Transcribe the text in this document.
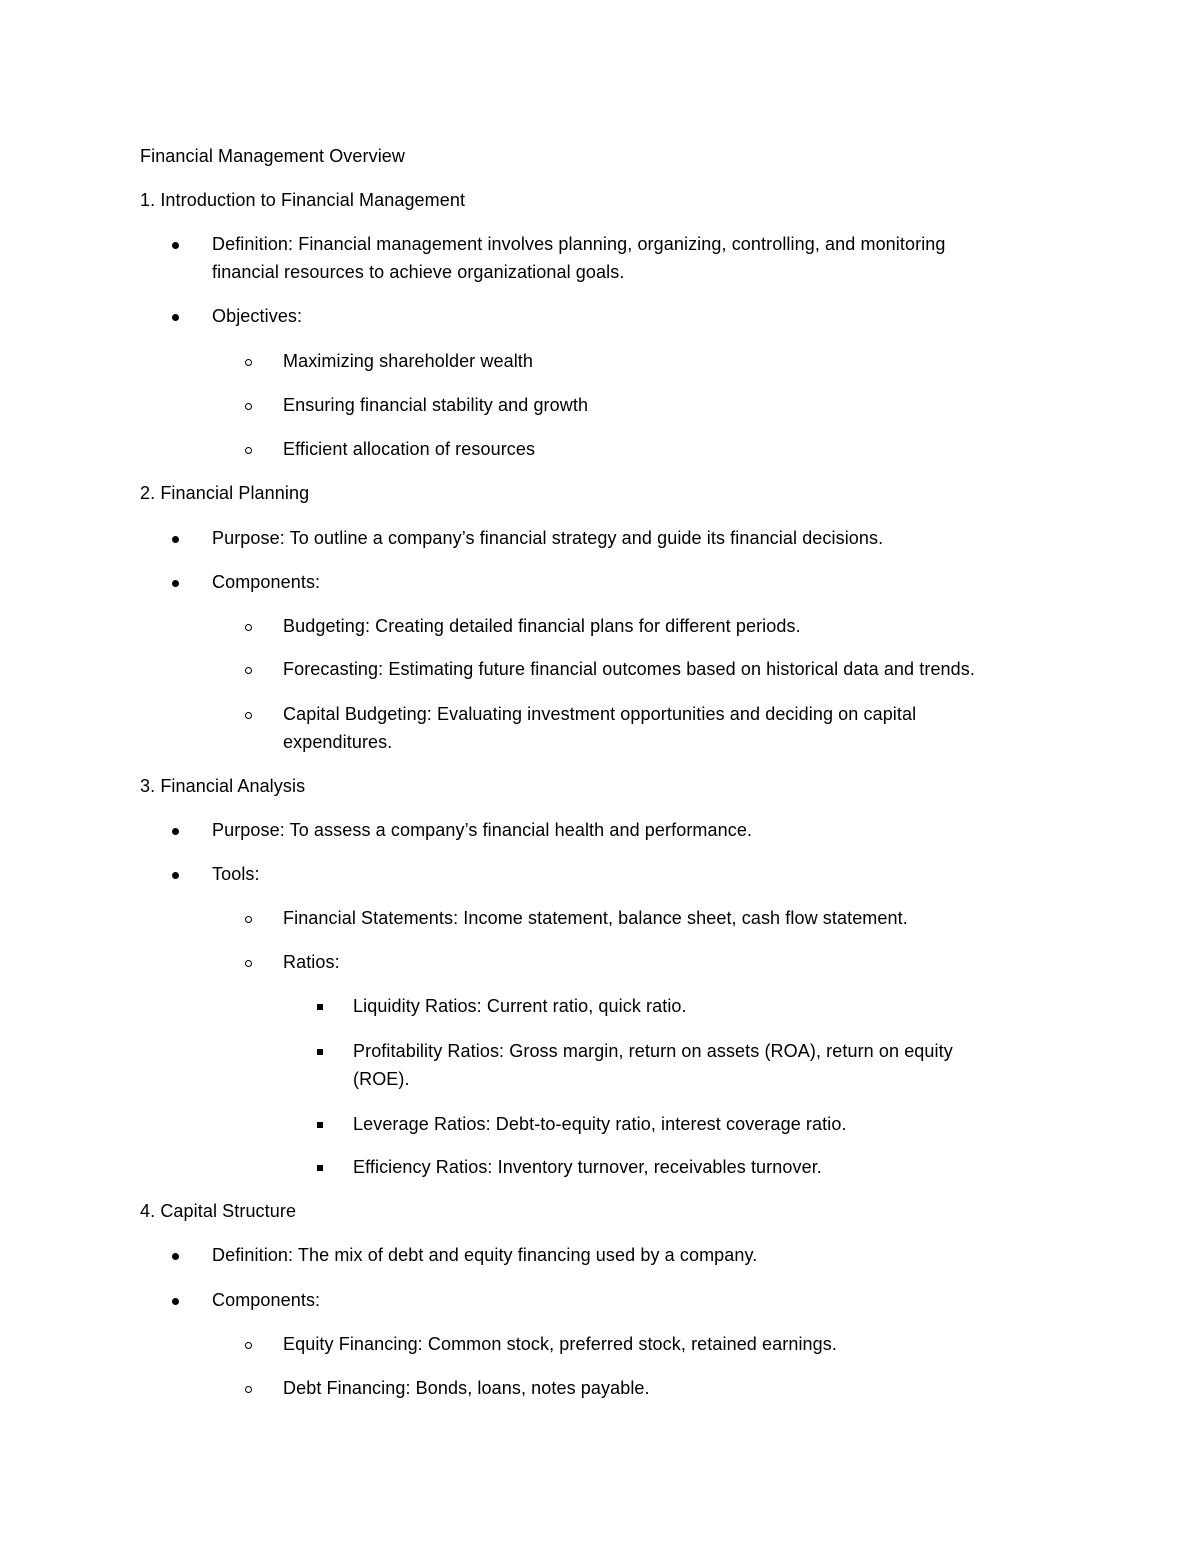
Financial Management Overview
1. Introduction to Financial Management
Definition: Financial management involves planning, organizing, controlling, and monitoring
financial resources to achieve organizational goals.
Objectives:
Maximizing shareholder wealth
Ensuring financial stability and growth
Efficient allocation of resources
2. Financial Planning
Purpose: To outline a company’s financial strategy and guide its financial decisions.
Components:
Budgeting: Creating detailed financial plans for different periods.
Forecasting: Estimating future financial outcomes based on historical data and trends.
Capital Budgeting: Evaluating investment opportunities and deciding on capital
expenditures.
3. Financial Analysis
Purpose: To assess a company’s financial health and performance.
Tools:
Financial Statements: Income statement, balance sheet, cash flow statement.
Ratios:
Liquidity Ratios: Current ratio, quick ratio.
Profitability Ratios: Gross margin, return on assets (ROA), return on equity
(ROE).
Leverage Ratios: Debt-to-equity ratio, interest coverage ratio.
Efficiency Ratios: Inventory turnover, receivables turnover.
4. Capital Structure
Definition: The mix of debt and equity financing used by a company.
Components:
Equity Financing: Common stock, preferred stock, retained earnings.
Debt Financing: Bonds, loans, notes payable.
